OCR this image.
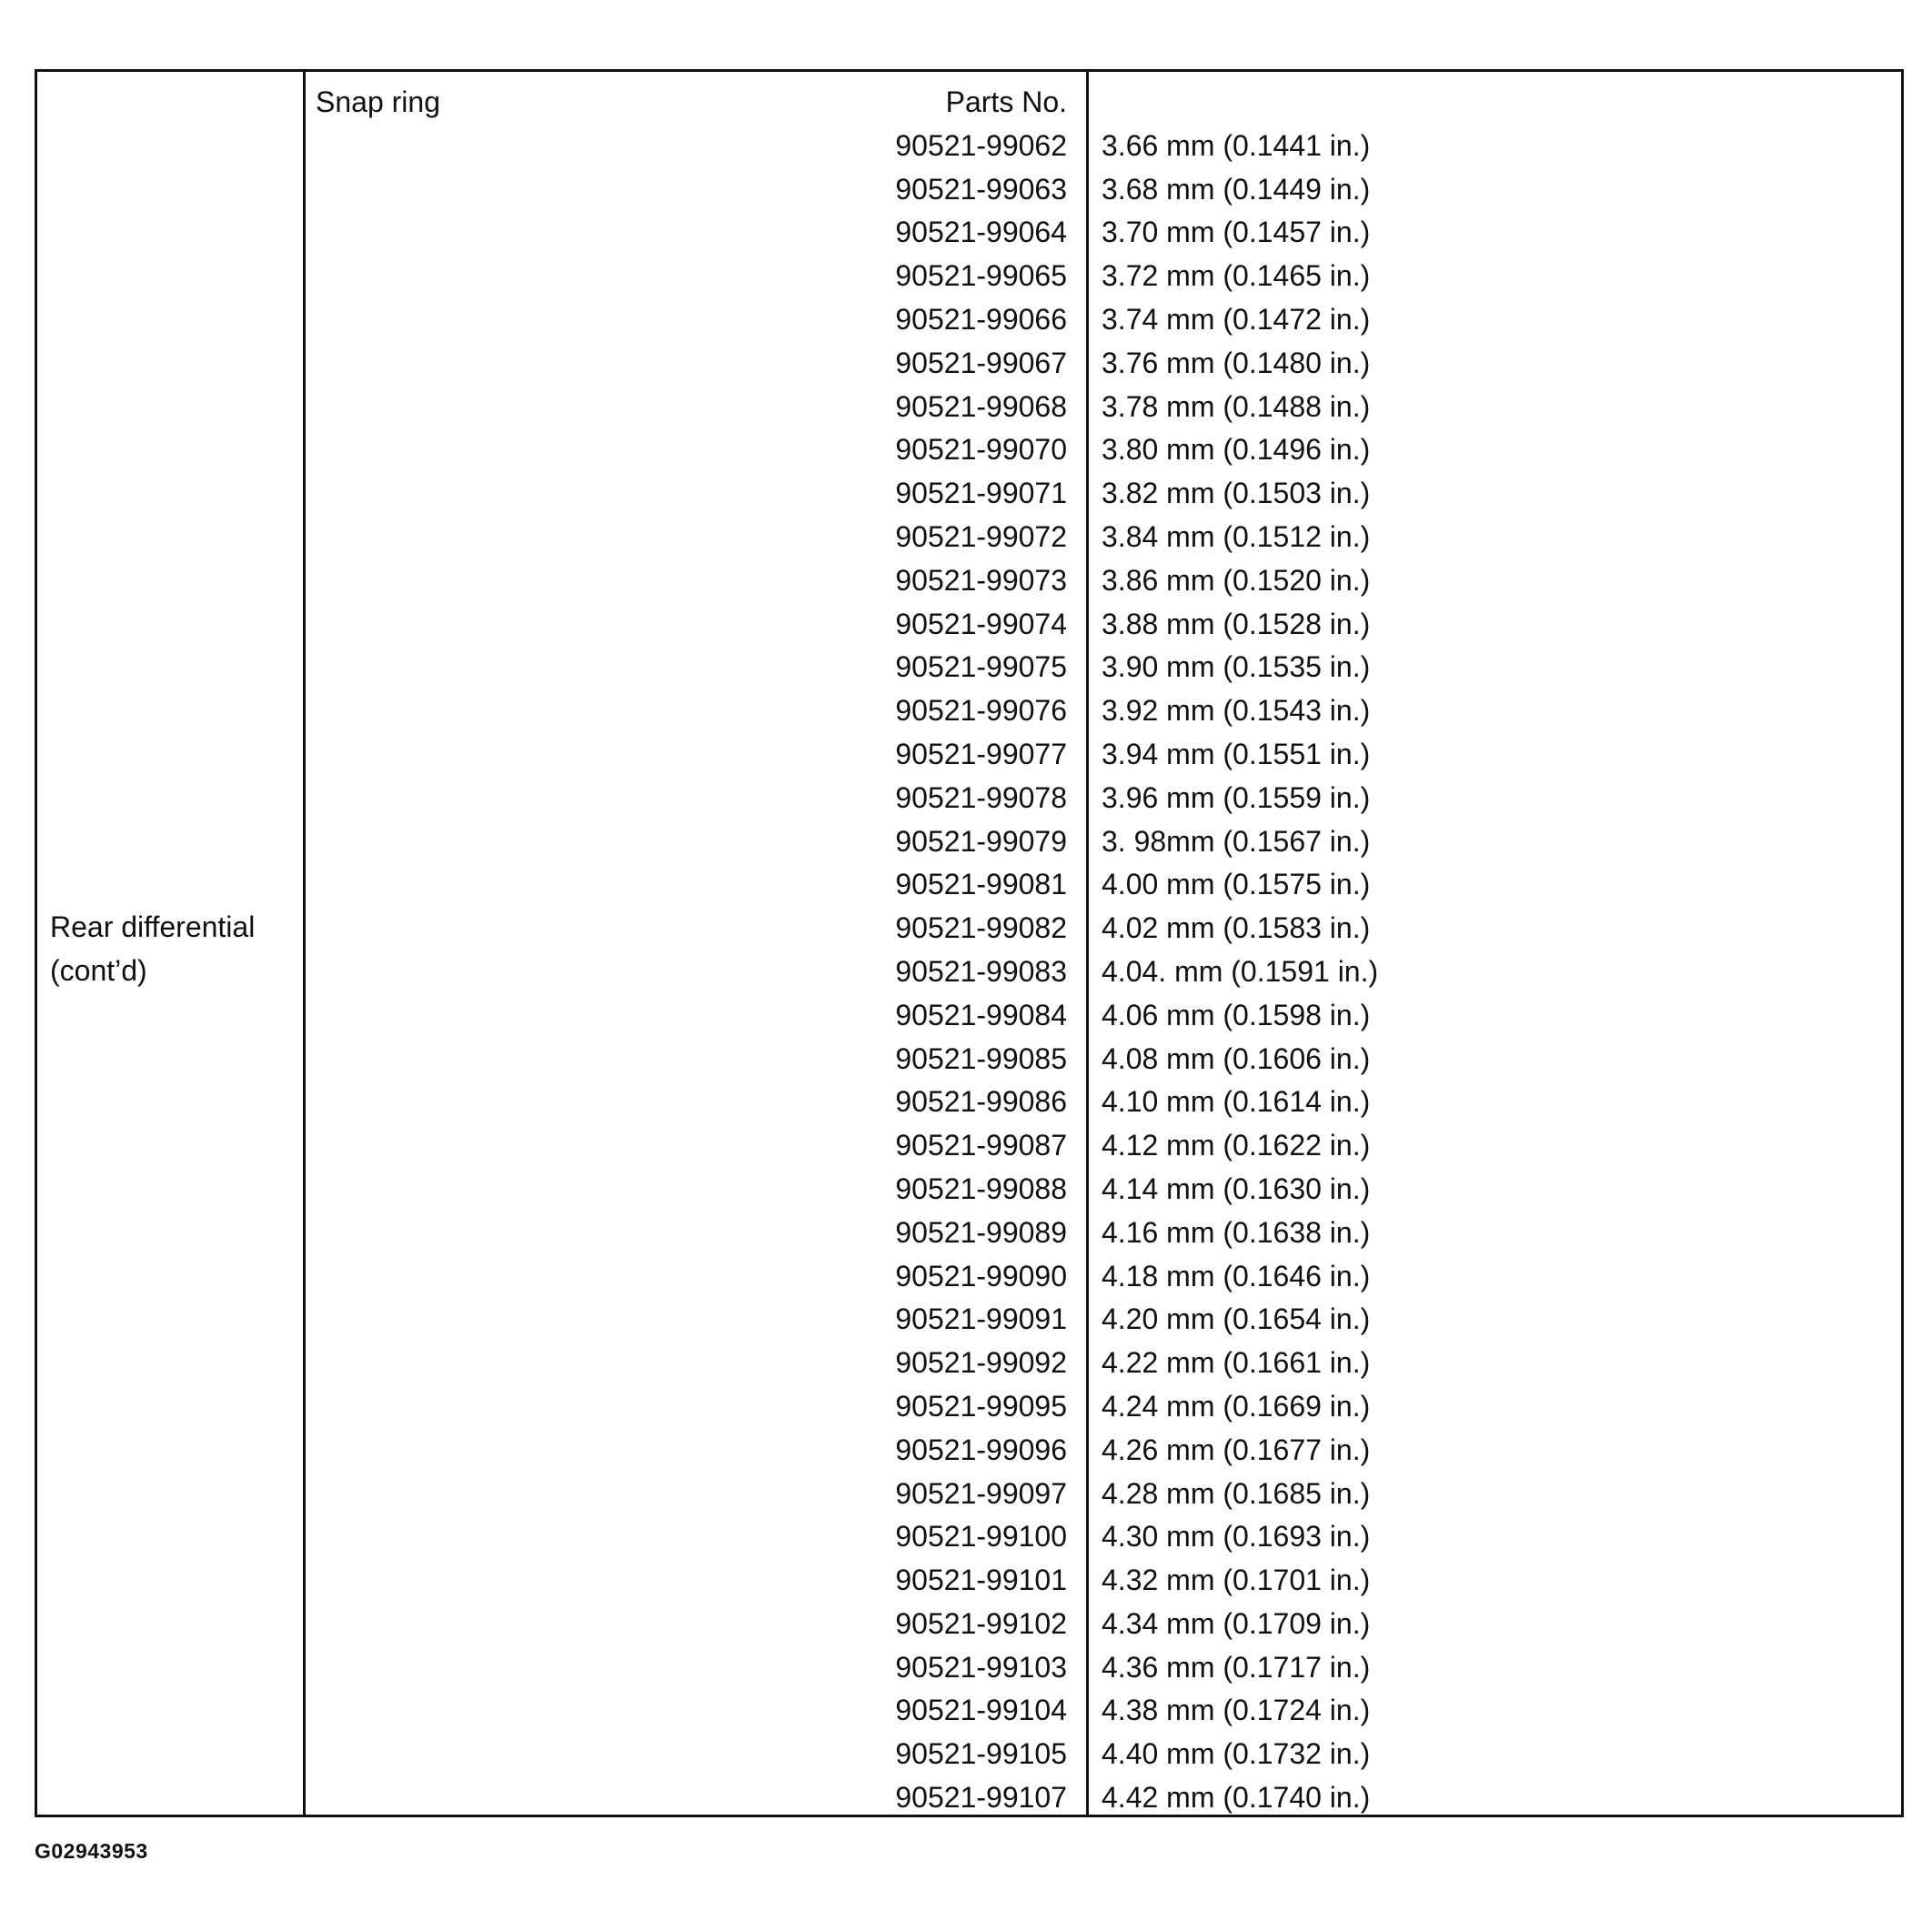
Rear differential
(cont’d)
Snap ring	Parts No.
90521-99062
90521-99063
90521-99064
90521-99065
90521-99066
90521-99067
90521-99068
90521-99070
90521-99071
90521-99072
90521-99073
90521-99074
90521-99075
90521-99076
90521-99077
90521-99078
90521-99079
90521-99081
90521-99082
90521-99083
90521-99084
90521-99085
90521-99086
90521-99087
90521-99088
90521-99089
90521-99090
90521-99091
90521-99092
90521-99095
90521-99096
90521-99097
90521-99100
90521-99101
90521-99102
90521-99103
90521-99104
90521-99105
90521-99107
3.66 mm (0.1441 in.)
3.68 mm (0.1449 in.)
3.70 mm (0.1457 in.)
3.72 mm (0.1465 in.)
3.74 mm (0.1472 in.)
3.76 mm (0.1480 in.)
3.78 mm (0.1488 in.)
3.80 mm (0.1496 in.)
3.82 mm (0.1503 in.)
3.84 mm (0.1512 in.)
3.86 mm (0.1520 in.)
3.88 mm (0.1528 in.)
3.90 mm (0.1535 in.)
3.92 mm (0.1543 in.)
3.94 mm (0.1551 in.)
3.96 mm (0.1559 in.)
3. 98mm (0.1567 in.)
4.00 mm (0.1575 in.)
4.02 mm (0.1583 in.)
4.04. mm (0.1591 in.)
4.06 mm (0.1598 in.)
4.08 mm (0.1606 in.)
4.10 mm (0.1614 in.)
4.12 mm (0.1622 in.)
4.14 mm (0.1630 in.)
4.16 mm (0.1638 in.)
4.18 mm (0.1646 in.)
4.20 mm (0.1654 in.)
4.22 mm (0.1661 in.)
4.24 mm (0.1669 in.)
4.26 mm (0.1677 in.)
4.28 mm (0.1685 in.)
4.30 mm (0.1693 in.)
4.32 mm (0.1701 in.)
4.34 mm (0.1709 in.)
4.36 mm (0.1717 in.)
4.38 mm (0.1724 in.)
4.40 mm (0.1732 in.)
4.42 mm (0.1740 in.)
G02943953
